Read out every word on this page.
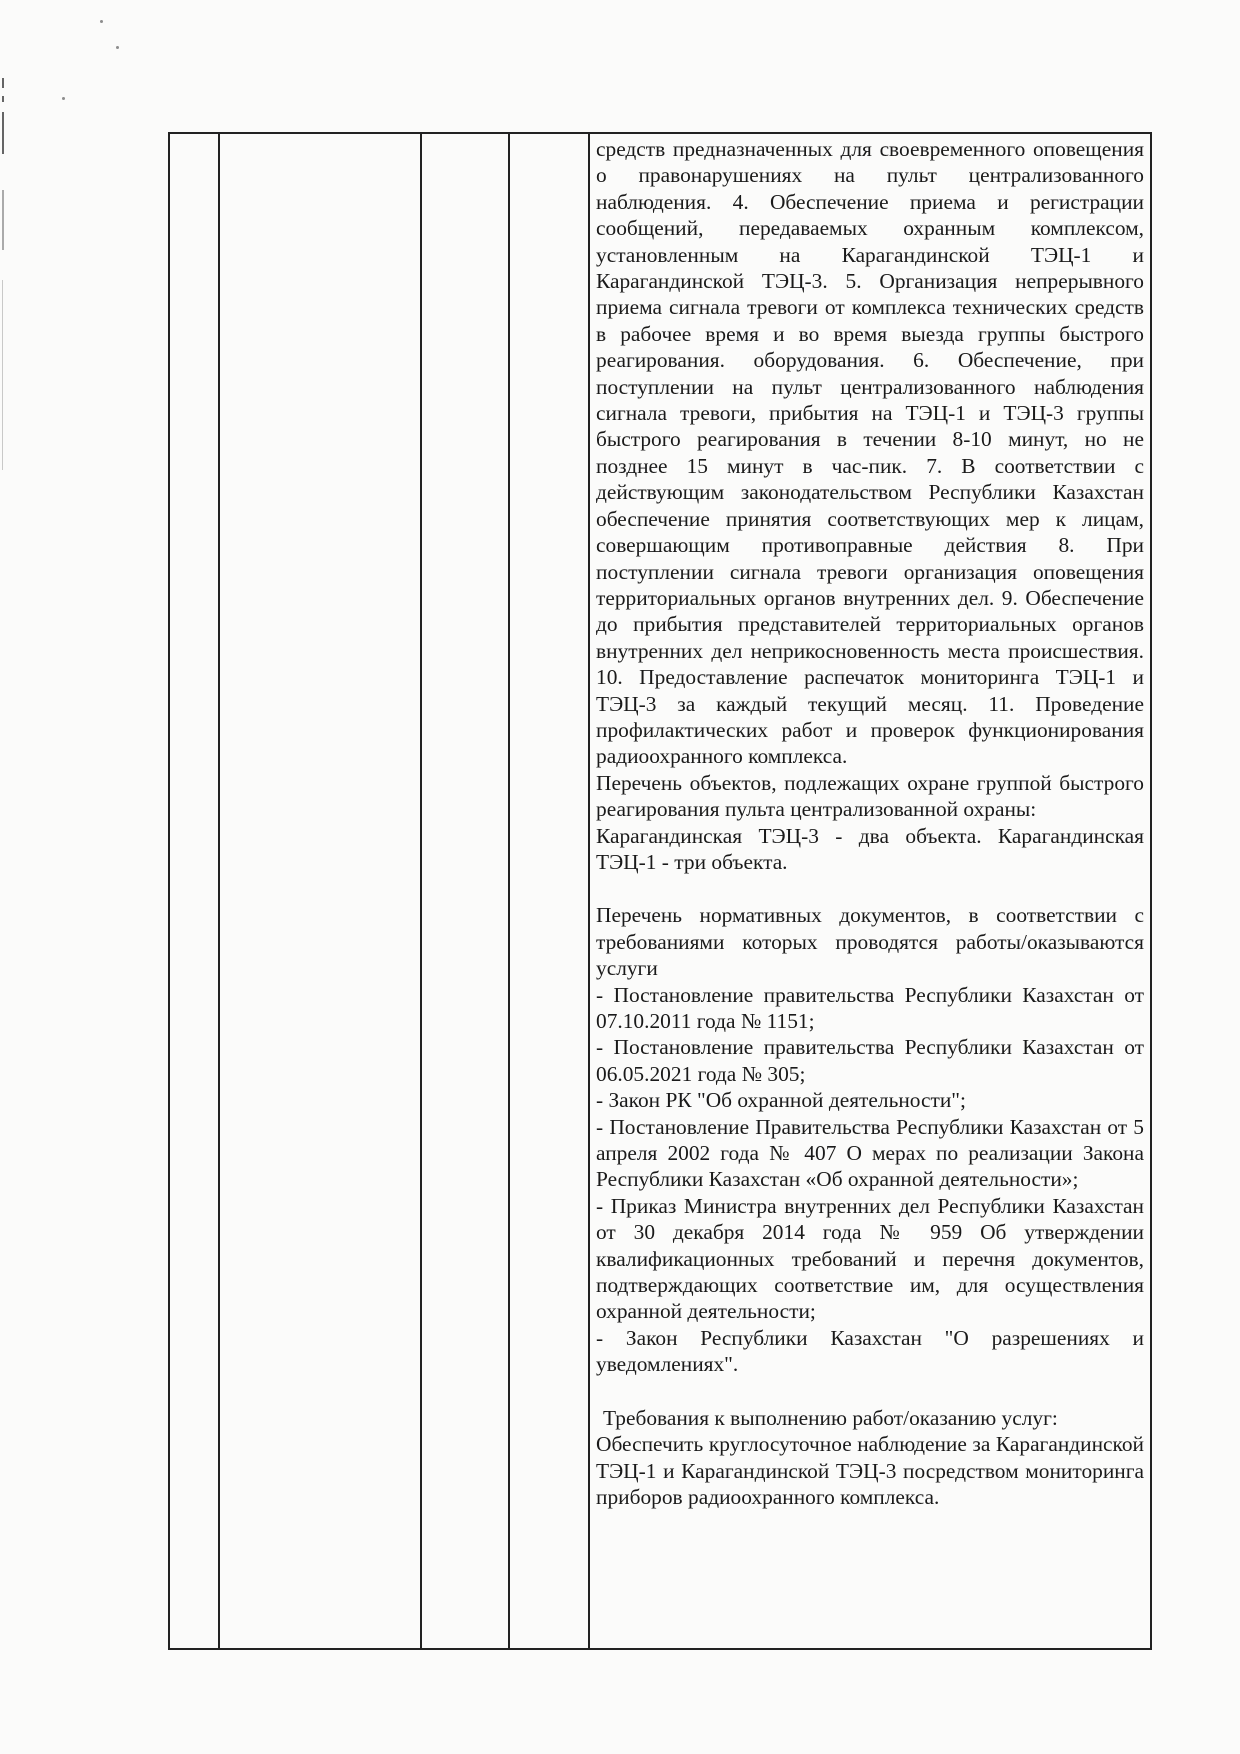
средств предназначенных для своевременного оповещения о правонарушениях на пульт централизованного наблюдения. 4. Обеспечение приема и регистрации сообщений, передаваемых охранным комплексом, установленным на Карагандинской ТЭЦ-1 и Карагандинской ТЭЦ-3. 5. Организация непрерывного приема сигнала тревоги от комплекса технических средств в рабочее время и во время выезда группы быстрого реагирования. оборудования. 6. Обеспечение, при поступлении на пульт централизованного наблюдения сигнала тревоги, прибытия на ТЭЦ-1 и ТЭЦ-3 группы быстрого реагирования в течении 8-10 минут, но не позднее 15 минут в час-пик. 7. В соответствии с действующим законодательством Республики Казахстан обеспечение принятия соответствующих мер к лицам, совершающим противоправные действия 8. При поступлении сигнала тревоги организация оповещения территориальных органов внутренних дел. 9. Обеспечение до прибытия представителей территориальных органов внутренних дел неприкосновенность места происшествия. 10. Предоставление распечаток мониторинга ТЭЦ-1 и ТЭЦ-3 за каждый текущий месяц. 11. Проведение профилактических работ и проверок функционирования радиоохранного комплекса.

Перечень объектов, подлежащих охране группой быстрого реагирования пульта централизованной охраны:

Карагандинская ТЭЦ-3 - два объекта. Карагандинская ТЭЦ-1 - три объекта.

Перечень нормативных документов, в соответствии с требованиями которых проводятся работы/оказываются услуги

- Постановление правительства Республики Казахстан от 07.10.2011 года № 1151;

- Постановление правительства Республики Казахстан от 06.05.2021 года № 305;

- Закон РК "Об охранной деятельности";

- Постановление Правительства Республики Казахстан от 5 апреля 2002 года № 407 О мерах по реализации Закона Республики Казахстан «Об охранной деятельности»;

- Приказ Министра внутренних дел Республики Казахстан от 30 декабря 2014 года № 959 Об утверждении квалификационных требований и перечня документов, подтверждающих соответствие им, для осуществления охранной деятельности;

- Закон Республики Казахстан "О разрешениях и уведомлениях".

Требования к выполнению работ/оказанию услуг:

Обеспечить круглосуточное наблюдение за Карагандинской ТЭЦ-1 и Карагандинской ТЭЦ-3 посредством мониторинга приборов радиоохранного комплекса.
